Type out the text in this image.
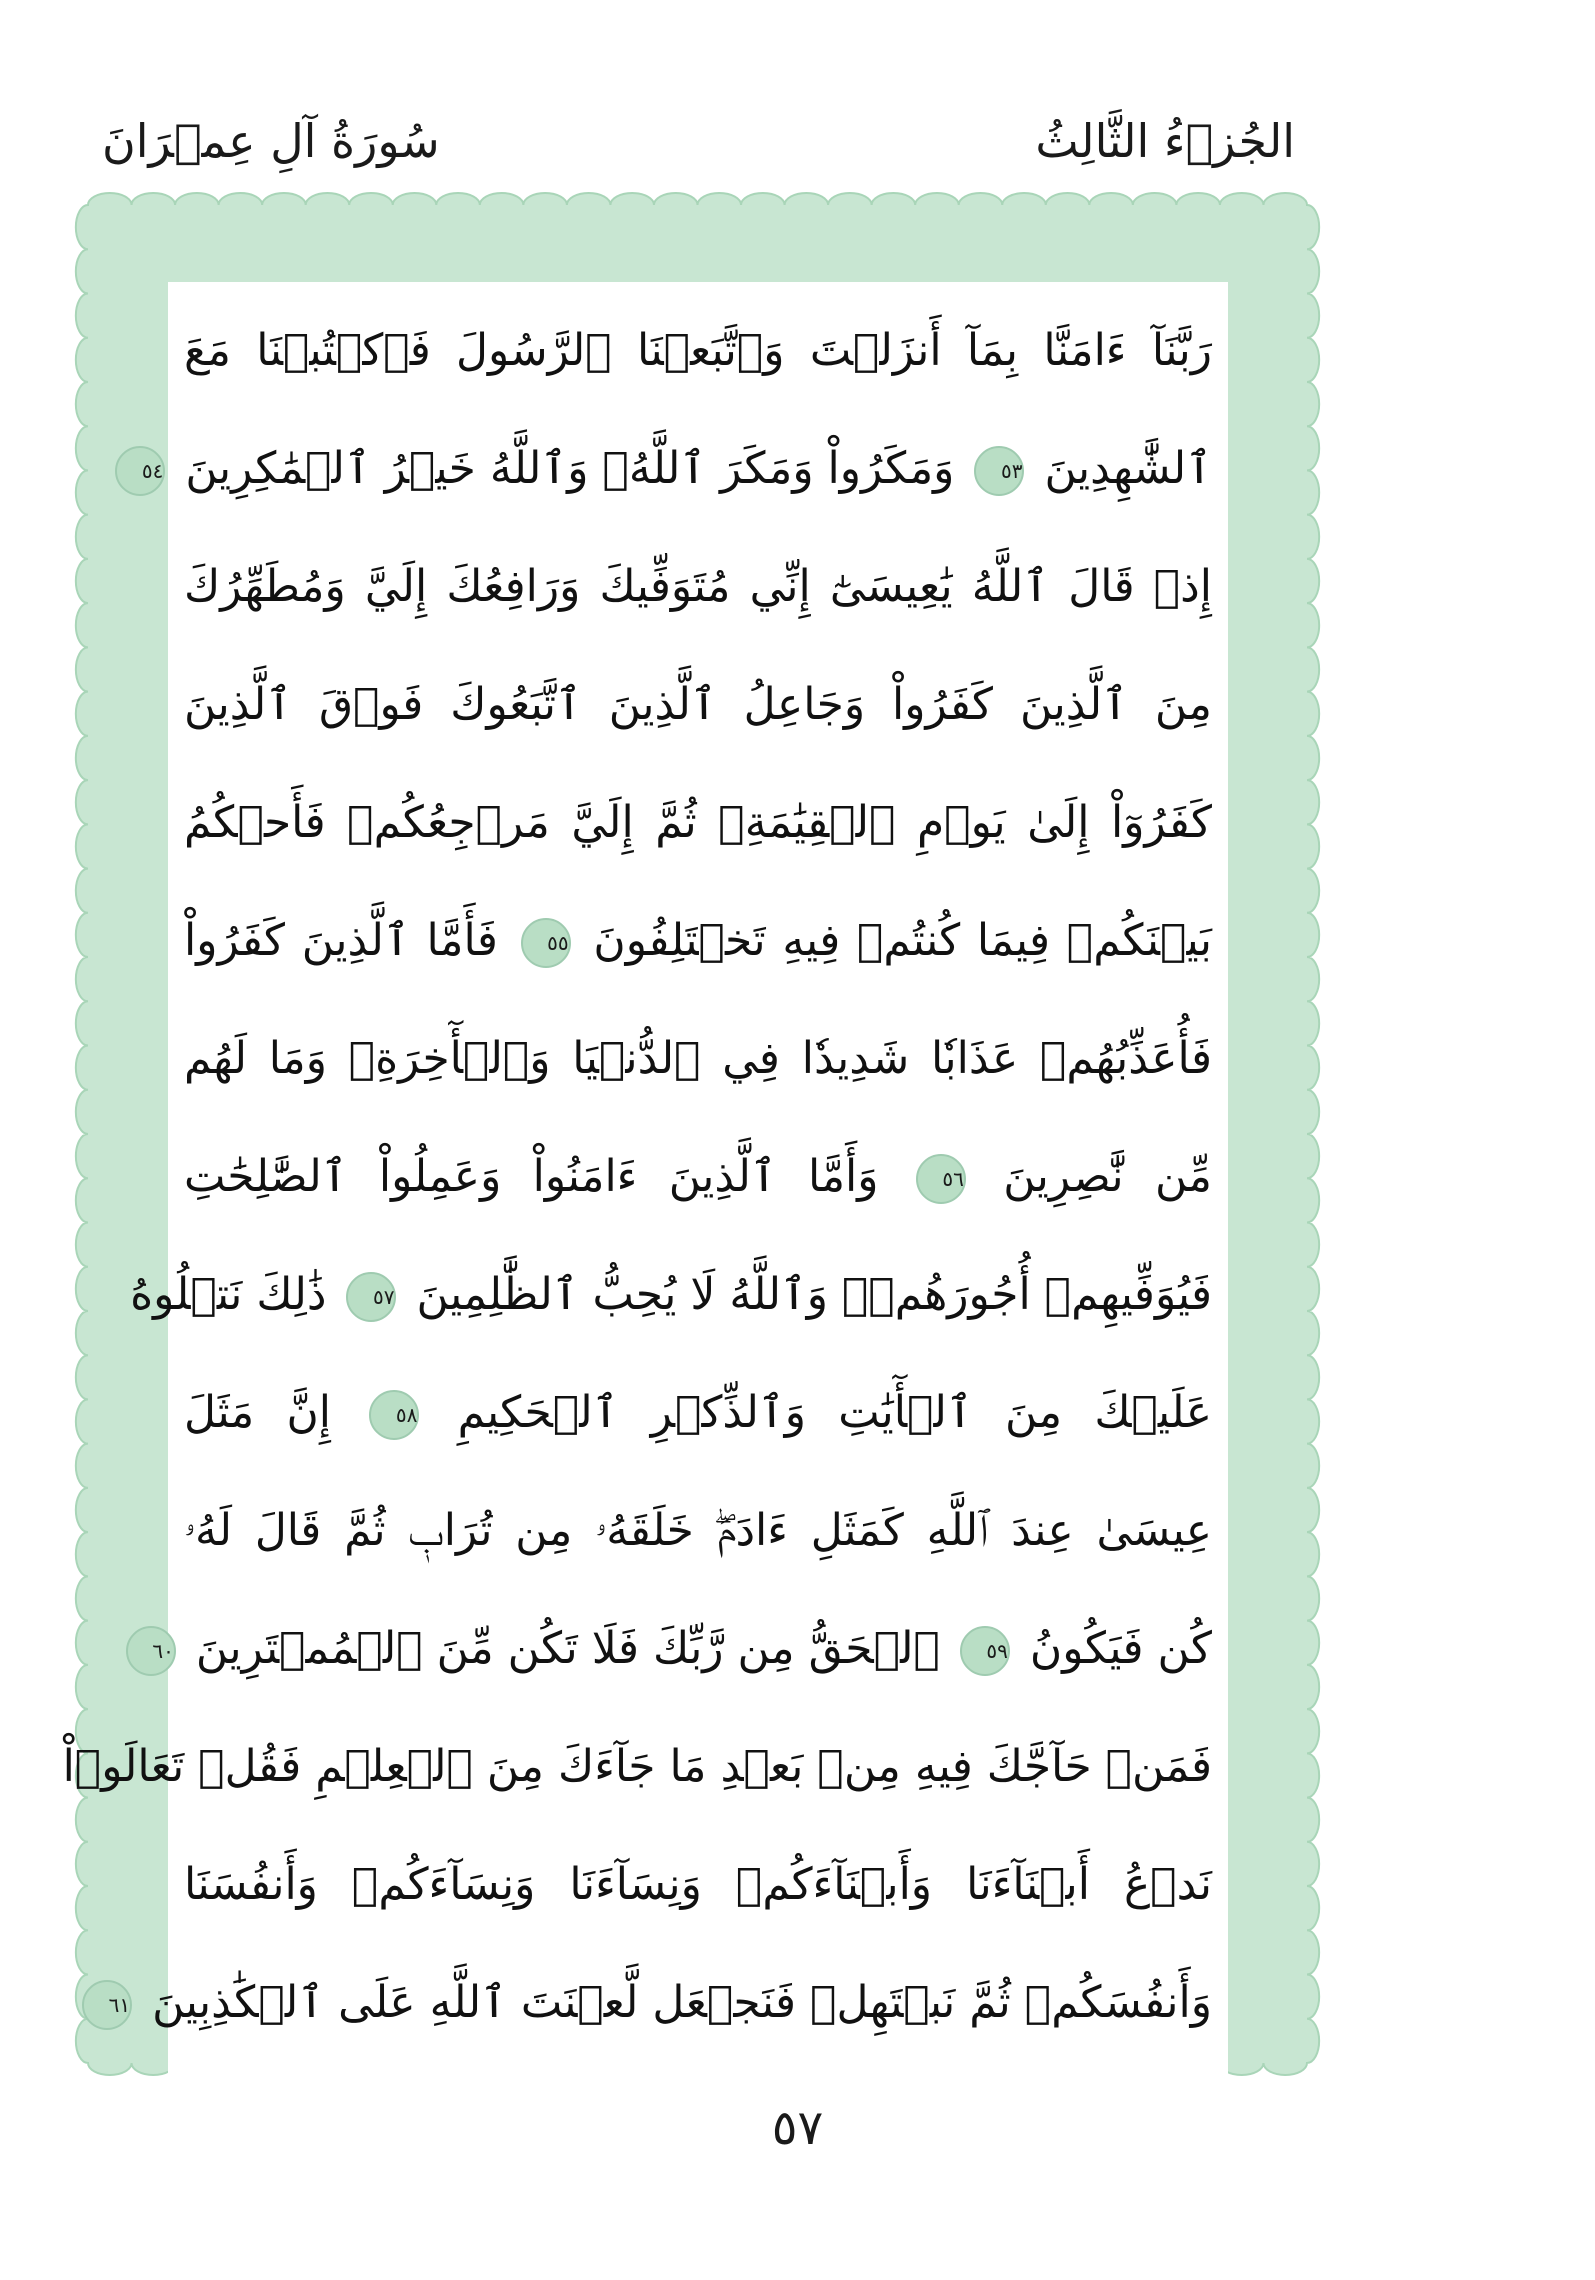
سُورَةُ آلِ عِمۡرَانَ	الجُزۡءُ الثَّالِثُ
رَبَّنَآ ءَامَنَّا بِمَآ أَنزَلۡتَ وَٱتَّبَعۡنَا ٱلرَّسُولَ فَٱكۡتُبۡنَا مَعَ
ٱلشَّٰهِدِينَ ٥٣ وَمَكَرُواْ وَمَكَرَ ٱللَّهُۖ وَٱللَّهُ خَيۡرُ ٱلۡمَٰكِرِينَ ٥٤
إِذۡ قَالَ ٱللَّهُ يَٰعِيسَىٰٓ إِنِّي مُتَوَفِّيكَ وَرَافِعُكَ إِلَيَّ وَمُطَهِّرُكَ
مِنَ ٱلَّذِينَ كَفَرُواْ وَجَاعِلُ ٱلَّذِينَ ٱتَّبَعُوكَ فَوۡقَ ٱلَّذِينَ
كَفَرُوٓاْ إِلَىٰ يَوۡمِ ٱلۡقِيَٰمَةِۖ ثُمَّ إِلَيَّ مَرۡجِعُكُمۡ فَأَحۡكُمُ
بَيۡنَكُمۡ فِيمَا كُنتُمۡ فِيهِ تَخۡتَلِفُونَ ٥٥ فَأَمَّا ٱلَّذِينَ كَفَرُواْ
فَأُعَذِّبُهُمۡ عَذَابٗا شَدِيدٗا فِي ٱلدُّنۡيَا وَٱلۡأٓخِرَةِۖ وَمَا لَهُم
مِّن نَّٰصِرِينَ ٥٦ وَأَمَّا ٱلَّذِينَ ءَامَنُواْ وَعَمِلُواْ ٱلصَّٰلِحَٰتِ
فَيُوَفِّيهِمۡ أُجُورَهُمۡۗ وَٱللَّهُ لَا يُحِبُّ ٱلظَّٰلِمِينَ ٥٧ ذَٰلِكَ نَتۡلُوهُ
عَلَيۡكَ مِنَ ٱلۡأٓيَٰتِ وَٱلذِّكۡرِ ٱلۡحَكِيمِ ٥٨ إِنَّ مَثَلَ
عِيسَىٰ عِندَ ٱللَّهِ كَمَثَلِ ءَادَمَۖ خَلَقَهُۥ مِن تُرَابٖ ثُمَّ قَالَ لَهُۥ
كُن فَيَكُونُ ٥٩ ٱلۡحَقُّ مِن رَّبِّكَ فَلَا تَكُن مِّنَ ٱلۡمُمۡتَرِينَ ٦٠
فَمَنۡ حَآجَّكَ فِيهِ مِنۢ بَعۡدِ مَا جَآءَكَ مِنَ ٱلۡعِلۡمِ فَقُلۡ تَعَالَوۡاْ
نَدۡعُ أَبۡنَآءَنَا وَأَبۡنَآءَكُمۡ وَنِسَآءَنَا وَنِسَآءَكُمۡ وَأَنفُسَنَا
وَأَنفُسَكُمۡ ثُمَّ نَبۡتَهِلۡ فَنَجۡعَل لَّعۡنَتَ ٱللَّهِ عَلَى ٱلۡكَٰذِبِينَ ٦١
٥٧
